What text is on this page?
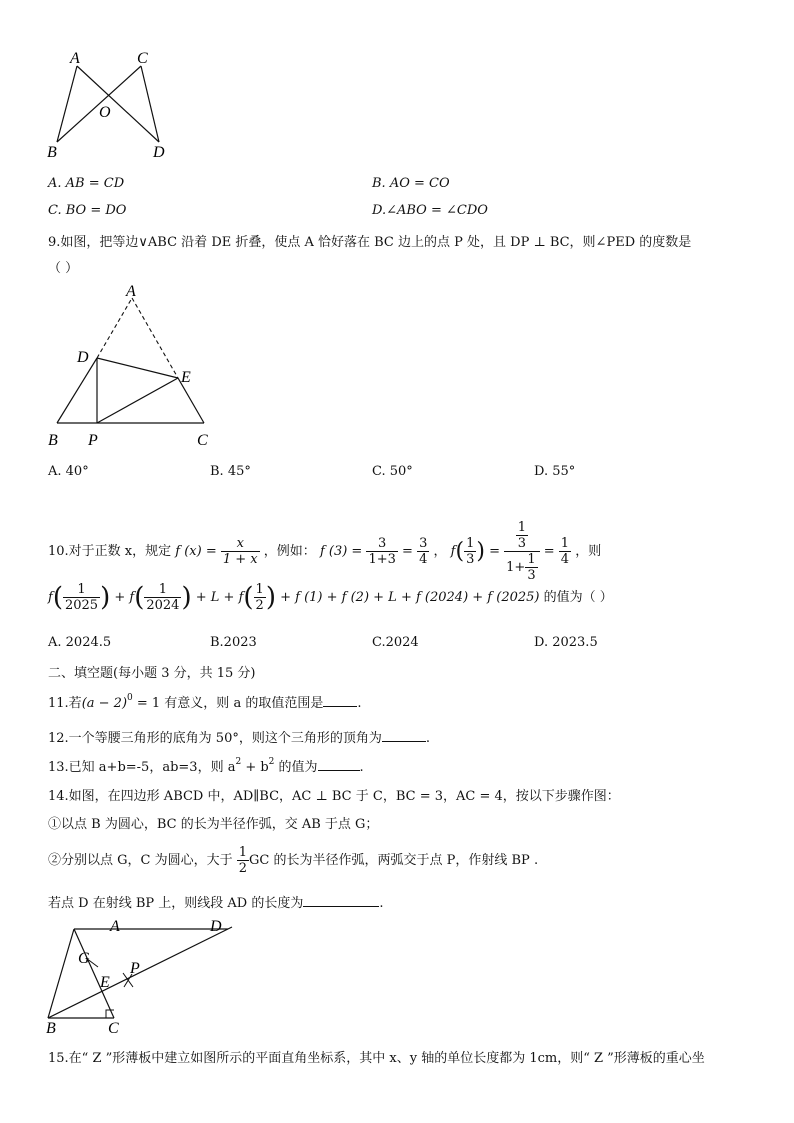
A	C
O
B	D
A. AB = CD	B. AO = CO
C. BO = DO	D.∠ABO = ∠CDO
9.如图，把等边∨ABC 沿着 DE 折叠，使点 A 恰好落在 BC 边上的点 P 处，且 DP ⊥ BC，则∠PED 的度数是
（ ）
A
D
E
B P	C
A. 40°	B. 45°	C. 50°	D. 55°
10.对于正数 x，规定 f $(x) = \frac{x}{1 + x}$ ，例如： f $(3) = \frac{3}{1+3} = \frac{3}{4}$ ， $f( \frac{1}{3}$ ) = $\frac{\frac{1}{3}}{1+ \frac{1}{3}} = \frac{1}{4}$ ，则
$f( \frac{1}{2025}$ ) + $f( \frac{1}{2024}$ ) + $L + f( \frac{1}{2}$ ) + f (1) + f (2) + L + f (2024) + f (2025) 的值为（ ）
A. 2024.5	B.2023	C.2024	D. 2023.5
二、填空题(每小题 3 分，共 15 分)
11.若$(a - 2)^0 = 1$ 有意义，则 a 的取值范围是	.
12.一个等腰三角形的底角为 50°，则这个三角形的顶角为	.
13.已知 a+b=-5，ab=3，则 $a^2 + b^2$ 的值为	.
14.如图，在四边形 ABCD 中，AD∥BC，AC ⊥ BC 于 C，BC = 3，AC = 4，按以下步骤作图：
①以点 B 为圆心，BC 的长为半径作弧，交 AB 于点 G；
②分别以点 G，C 为圆心，大于 $\frac{1}{2}$ GC 的长为半径作弧，两弧交于点 P，作射线 BP .
若点 D 在射线 BP 上，则线段 AD 的长度为	.
A	D
G
P
E
B	C
15.在“ Z ”形薄板中建立如图所示的平面直角坐标系，其中 x、y 轴的单位长度都为 1cm，则“ Z ”形薄板的重心坐
